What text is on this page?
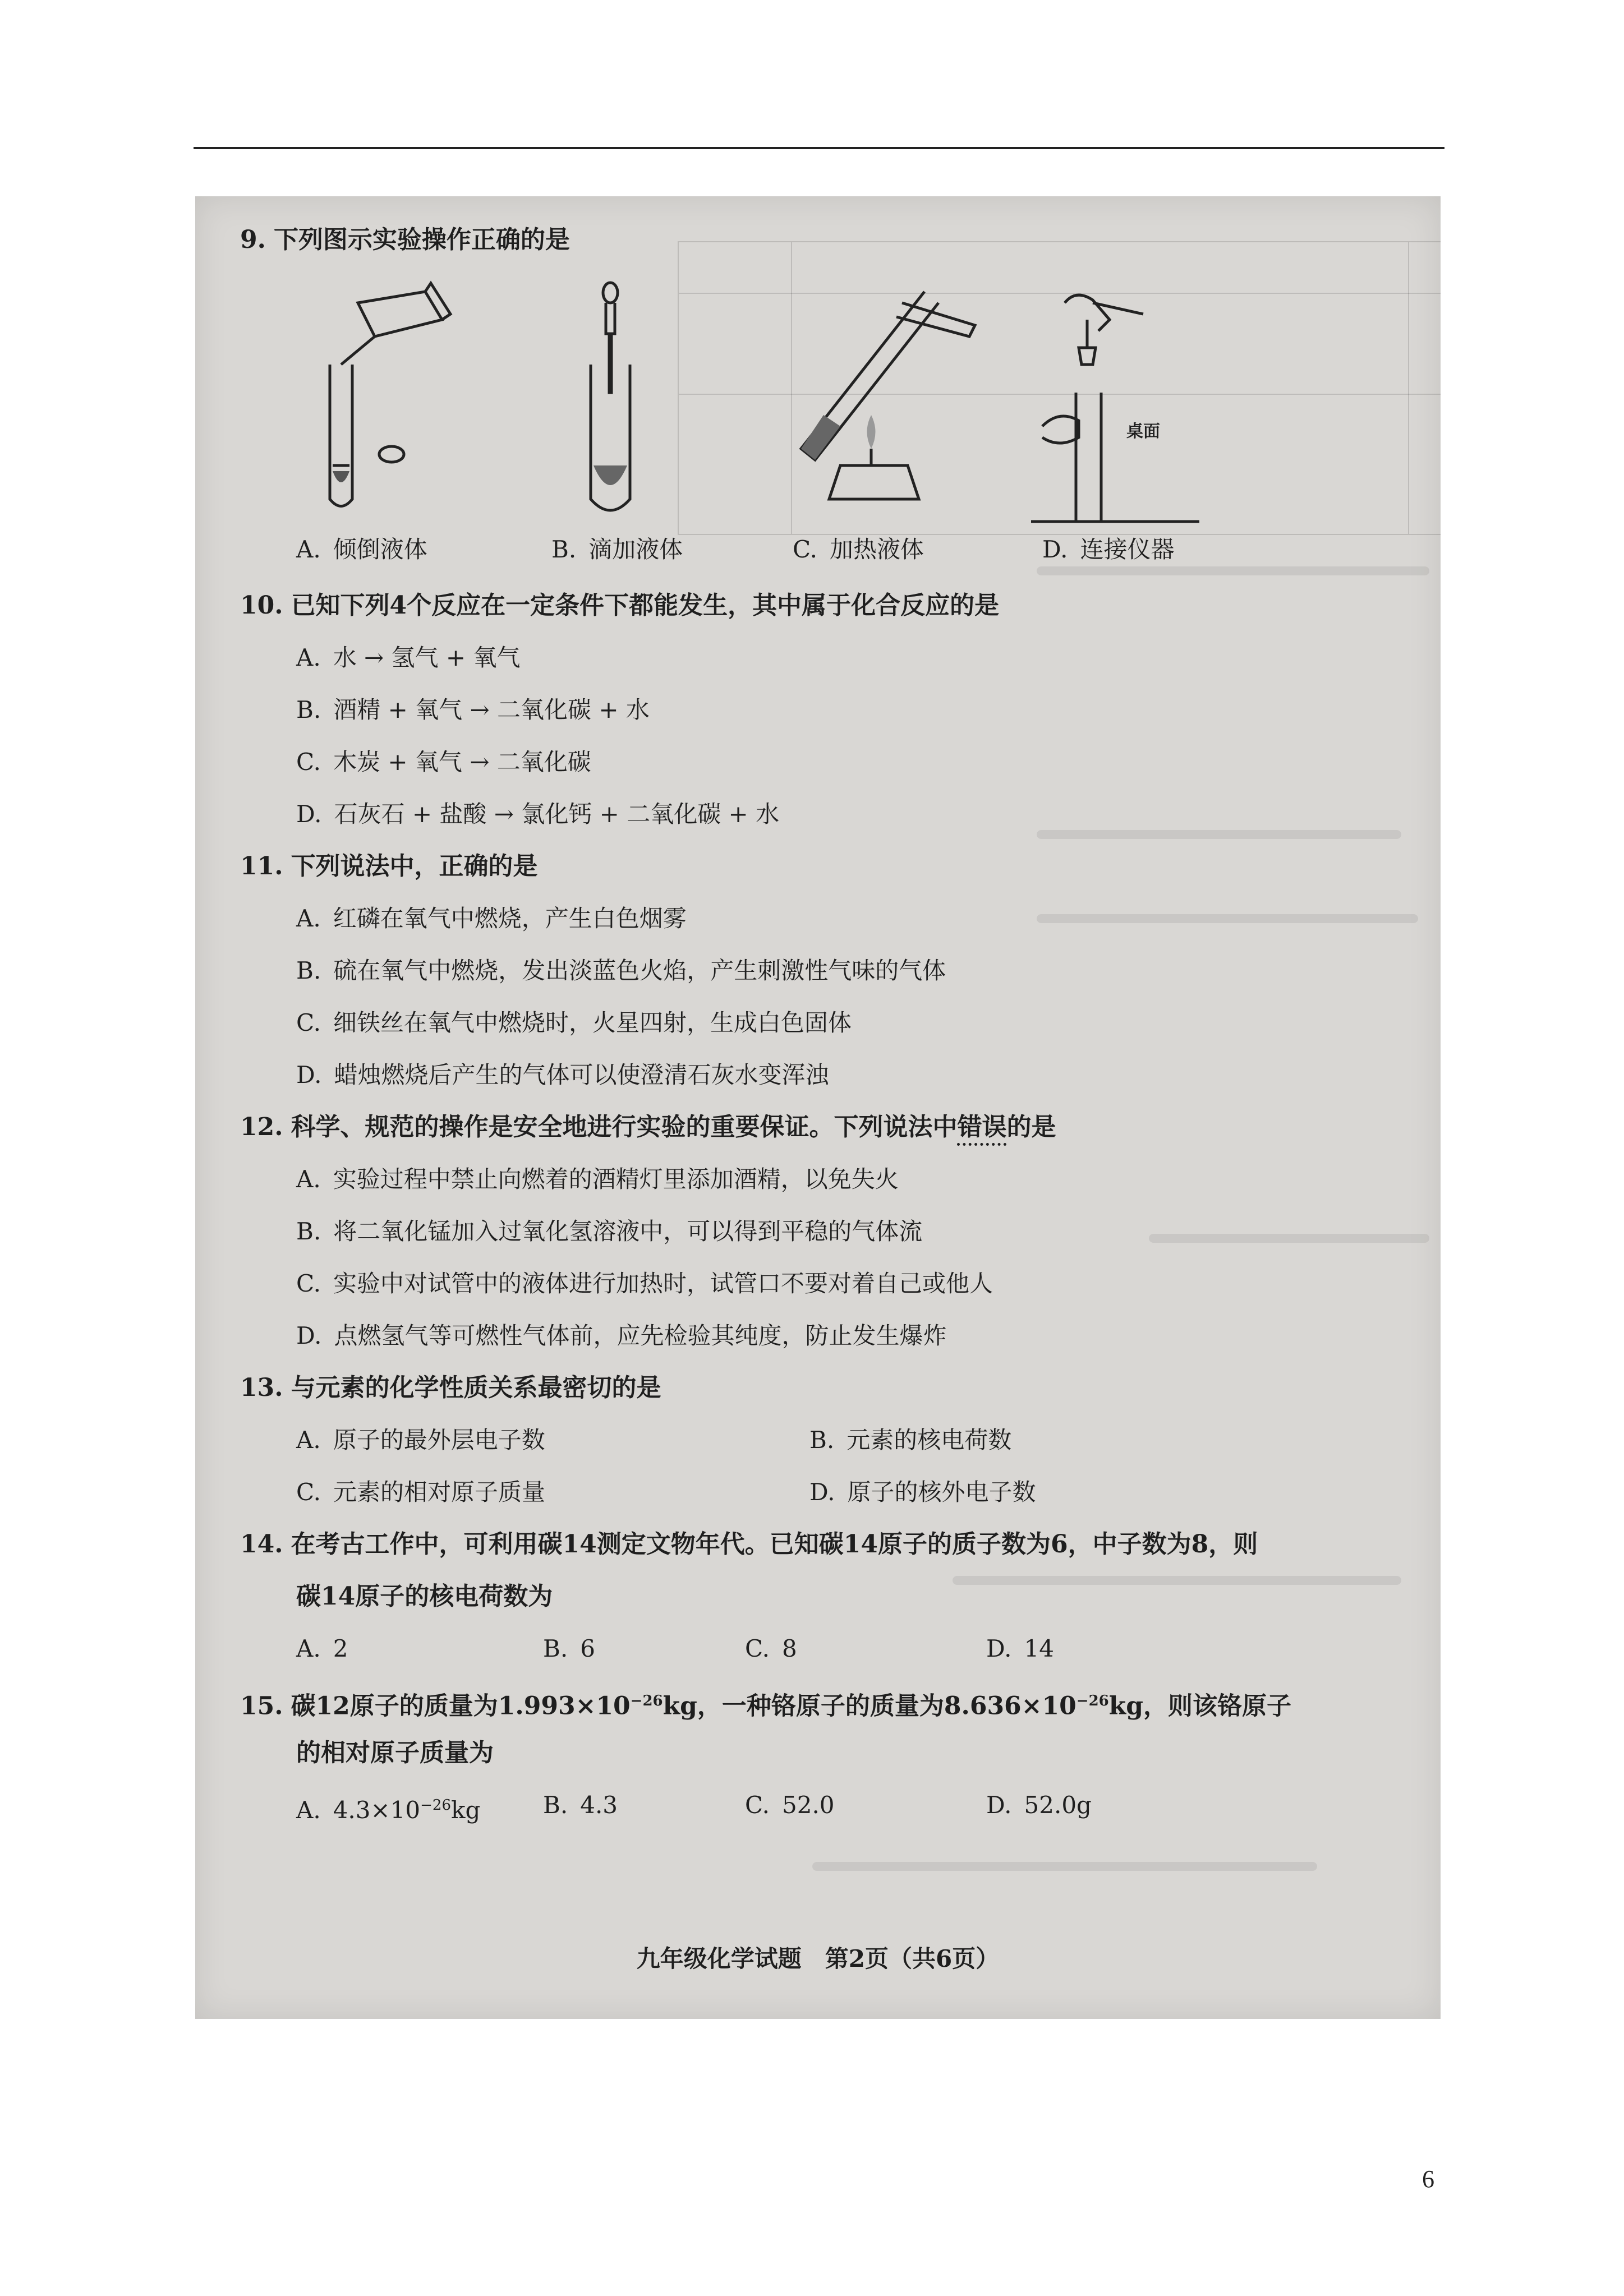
9. 下列图示实验操作正确的是
桌面
A. 倾倒液体	B. 滴加液体	C. 加热液体	D. 连接仪器
10. 已知下列4个反应在一定条件下都能发生，其中属于化合反应的是
A. 水 → 氢气 + 氧气
B. 酒精 + 氧气 → 二氧化碳 + 水
C. 木炭 + 氧气 → 二氧化碳
D. 石灰石 + 盐酸 → 氯化钙 + 二氧化碳 + 水
11. 下列说法中，正确的是
A. 红磷在氧气中燃烧，产生白色烟雾
B. 硫在氧气中燃烧，发出淡蓝色火焰，产生刺激性气味的气体
C. 细铁丝在氧气中燃烧时，火星四射，生成白色固体
D. 蜡烛燃烧后产生的气体可以使澄清石灰水变浑浊
12. 科学、规范的操作是安全地进行实验的重要保证。下列说法中错误的是
A. 实验过程中禁止向燃着的酒精灯里添加酒精，以免失火
B. 将二氧化锰加入过氧化氢溶液中，可以得到平稳的气体流
C. 实验中对试管中的液体进行加热时，试管口不要对着自己或他人
D. 点燃氢气等可燃性气体前，应先检验其纯度，防止发生爆炸
13. 与元素的化学性质关系最密切的是
A. 原子的最外层电子数	B. 元素的核电荷数
C. 元素的相对原子质量	D. 原子的核外电子数
14. 在考古工作中，可利用碳14测定文物年代。已知碳14原子的质子数为6，中子数为8，则
碳14原子的核电荷数为
A. 2	B. 6	C. 8	D. 14
15. 碳12原子的质量为$1.993\times 10^{-26}kg$，一种铬原子的质量为$8.636\times 10^{-26}kg$，则该铬原子
的相对原子质量为
A. $4.3\times 10^{-26}kg$	B. 4.3	C. 52.0	D. 52.0g
九年级化学试题　第2页（共6页）
6
